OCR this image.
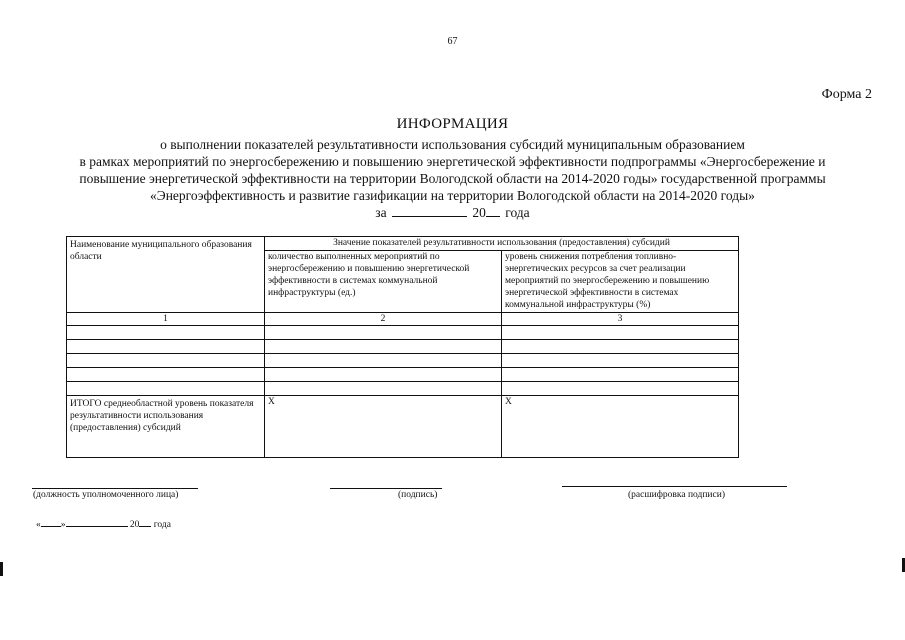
67
Форма 2
ИНФОРМАЦИЯ
о выполнении показателей результативности использования субсидий муниципальным образованием
в рамках мероприятий по энергосбережению и повышению энергетической эффективности подпрограммы «Энергосбережение и
повышение энергетической эффективности на территории Вологодской области на 2014-2020 годы» государственной программы
«Энергоэффективность и развитие газификации на территории Вологодской области на 2014-2020 годы»
за	20 года
Наименование муниципального образования области	Значение показателей результативности использования (предоставления) субсидий	
	количество выполненных мероприятий по энергосбережению и повышению энергетической эффективности в системах коммунальной инфраструктуры (ед.)	уровень снижения потребления топливно-энергетических ресурсов за счет реализации мероприятий по энергосбережению и повышению энергетической эффективности в системах коммунальной инфраструктуры (%)
1	2	3

ИТОГО среднеобластной уровень показателя результативности использования (предоставления) субсидий	Х	Х
(должность уполномоченного лица)	(подпись)	(расшифровка подписи)
« »	20 года
